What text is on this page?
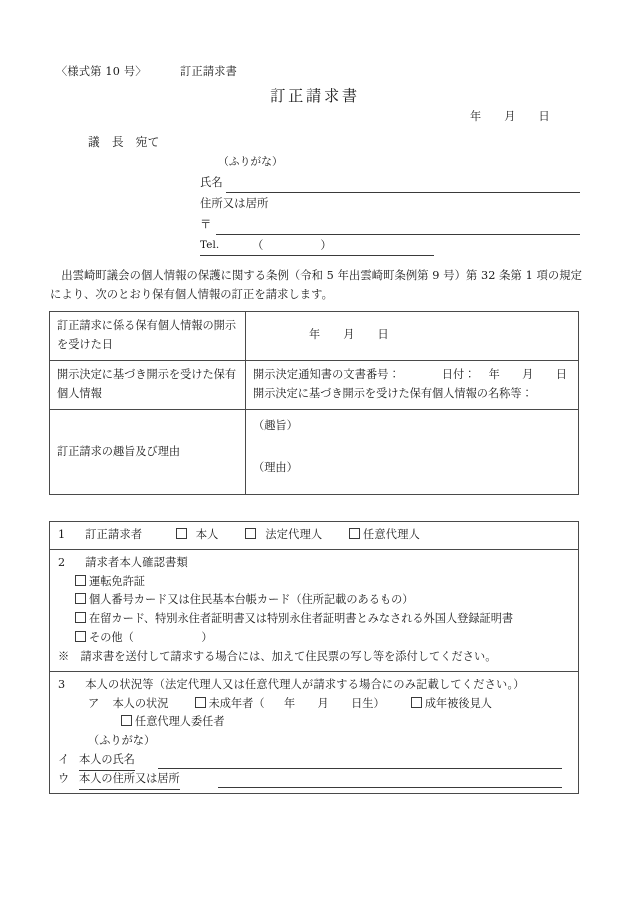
〈様式第 10 号〉	訂正請求書
訂正請求書
年　　月　　日
議　長　宛て
（ふりがな）
氏名
住所又は居所
〒
Tel.	（　　　　　）
出雲崎町議会の個人情報の保護に関する条例（令和 5 年出雲崎町条例第 9 号）第 32 条第 1 項の規定により、次のとおり保有個人情報の訂正を請求します。
訂正請求に係る保有個人情報の開示を受けた日	年　　月　　日
開示決定に基づき開示を受けた保有個人情報	開示決定通知書の文書番号： 日付： 年　　月　　日
開示決定に基づき開示を受けた保有個人情報の名称等：

訂正請求の趣旨及び理由	（趣旨）
（理由）
1 訂正請求者	本人	法定代理人	任意代理人

2 請求者本人確認書類
運転免許証
個人番号カード又は住民基本台帳カード（住所記載のあるもの）
在留カード、特別永住者証明書又は特別永住者証明書とみなされる外国人登録証明書
その他（	）
※　請求書を送付して請求する場合には、加えて住民票の写し等を添付してください。

3 本人の状況等（法定代理人又は任意代理人が請求する場合にのみ記載してください。）
ア 本人の状況	未成年者（ 年　　月　　日生）	成年被後見人
任意代理人委任者
（ふりがな）
イ 本人の氏名
ウ 本人の住所又は居所
